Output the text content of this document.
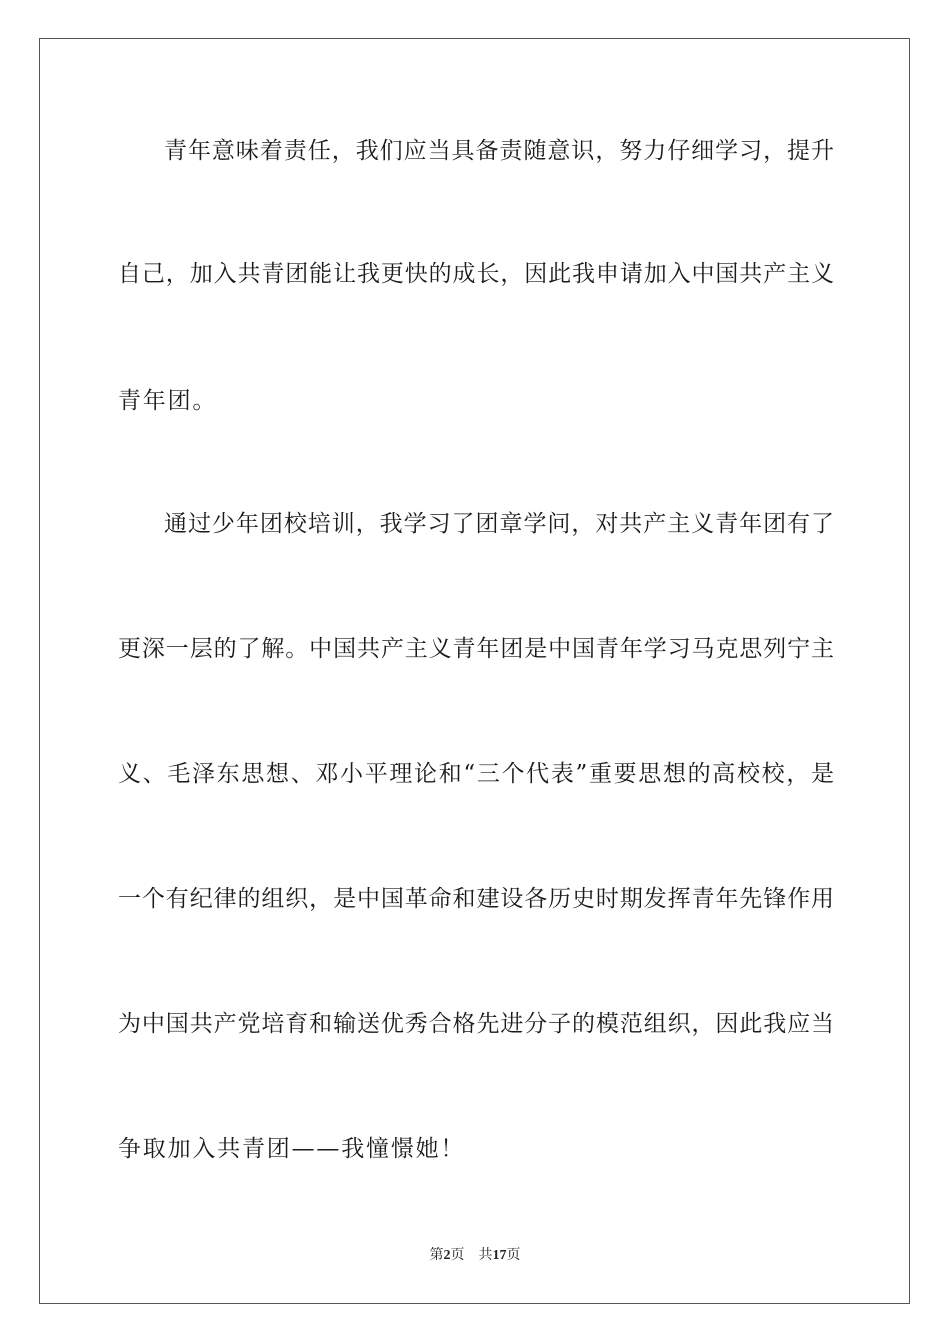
青年意味着责任，我们应当具备责随意识，努力仔细学习，提升
自己，加入共青团能让我更快的成长，因此我申请加入中国共产主义
青年团。
通过少年团校培训，我学习了团章学问，对共产主义青年团有了
更深一层的了解。中国共产主义青年团是中国青年学习马克思列宁主
义、毛泽东思想、邓小平理论和“三个代表”重要思想的高校校，是
一个有纪律的组织，是中国革命和建设各历史时期发挥青年先锋作用
为中国共产党培育和输送优秀合格先进分子的模范组织，因此我应当
争取加入共青团——我憧憬她！
第2页 共17页
